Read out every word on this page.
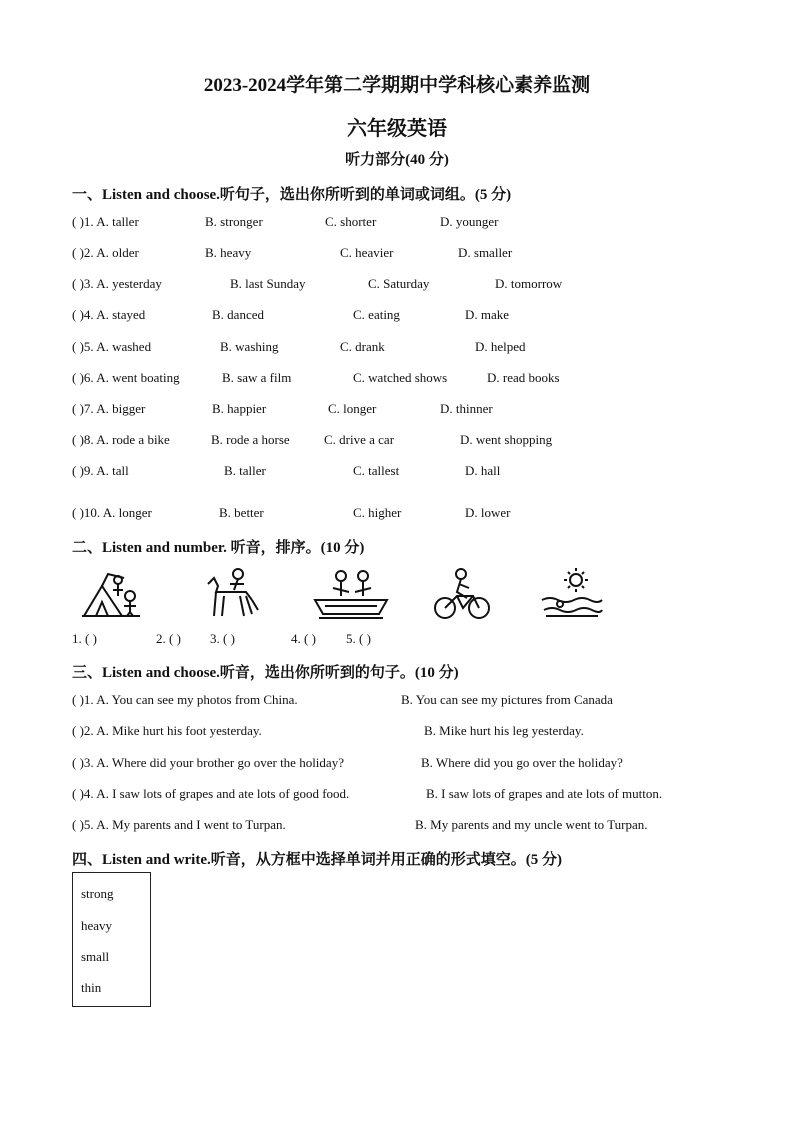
2023-2024学年第二学期期中学科核心素养监测
六年级英语
听力部分(40 分)
一、Listen and choose.听句子，选出你所听到的单词或词组。(5 分)
( )1. A. taller	B. stronger	C. shorter	D. younger
( )2. A. older	B. heavy	C. heavier	D. smaller
( )3. A. yesterday	B. last Sunday	C. Saturday	D. tomorrow
( )4. A. stayed	B. danced	C. eating	D. make
( )5. A. washed	B. washing	C. drank	D. helped
( )6. A. went boating	B. saw a film	C. watched shows	D. read books
( )7. A. bigger	B. happier	C. longer	D. thinner
( )8. A. rode a bike	B. rode a horse	C. drive a car	D. went shopping
( )9. A. tall	B. taller	C. tallest	D. hall
( )10. A. longer	B. better	C. higher	D. lower
二、Listen and number. 听音，排序。(10 分)
1. ( )	2. ( ) 3. ( )	4. ( ) 5. ( )
三、Listen and choose.听音，选出你所听到的句子。(10 分)
( )1. A. You can see my photos from China.	B. You can see my pictures from Canada
( )2. A. Mike hurt his foot yesterday.	B. Mike hurt his leg yesterday.
( )3. A. Where did your brother go over the holiday?	B. Where did you go over the holiday?
( )4. A. I saw lots of grapes and ate lots of good food.	B. I saw lots of grapes and ate lots of mutton.
( )5. A. My parents and I went to Turpan.	B. My parents and my uncle went to Turpan.
四、Listen and write.听音，从方框中选择单词并用正确的形式填空。(5 分)
strong
heavy
small
thin
